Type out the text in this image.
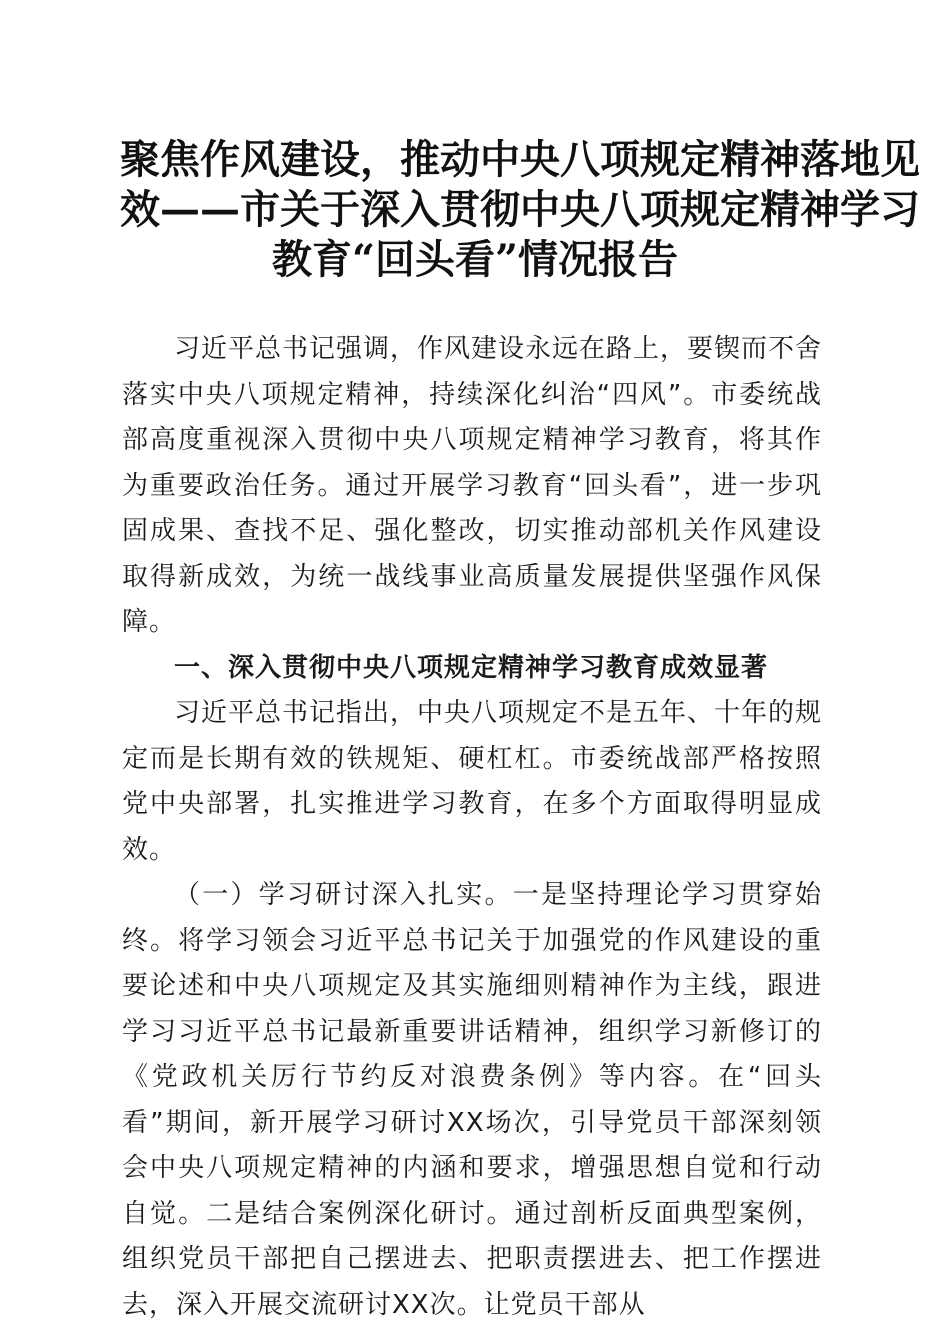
聚焦作风建设，推动中央八项规定精神落地见
效——市关于深入贯彻中央八项规定精神学习
教育“回头看”情况报告

习近平总书记强调，作风建设永远在路上，要锲而不舍落实中央八项规定精神，持续深化纠治“四风”。市委统战部高度重视深入贯彻中央八项规定精神学习教育，将其作为重要政治任务。通过开展学习教育“回头看”，进一步巩固成果、查找不足、强化整改，切实推动部机关作风建设取得新成效，为统一战线事业高质量发展提供坚强作风保障。

一、深入贯彻中央八项规定精神学习教育成效显著

习近平总书记指出，中央八项规定不是五年、十年的规定而是长期有效的铁规矩、硬杠杠。市委统战部严格按照党中央部署，扎实推进学习教育，在多个方面取得明显成效。

（一）学习研讨深入扎实。一是坚持理论学习贯穿始终。将学习领会习近平总书记关于加强党的作风建设的重要论述和中央八项规定及其实施细则精神作为主线，跟进学习习近平总书记最新重要讲话精神，组织学习新修订的《党政机关厉行节约反对浪费条例》等内容。在“回头看”期间，新开展学习研讨XX场次，引导党员干部深刻领会中央八项规定精神的内涵和要求，增强思想自觉和行动自觉。二是结合案例深化研讨。通过剖析反面典型案例，组织党员干部把自己摆进去、把职责摆进去、把工作摆进去，深入开展交流研讨XX次。让党员干部从
